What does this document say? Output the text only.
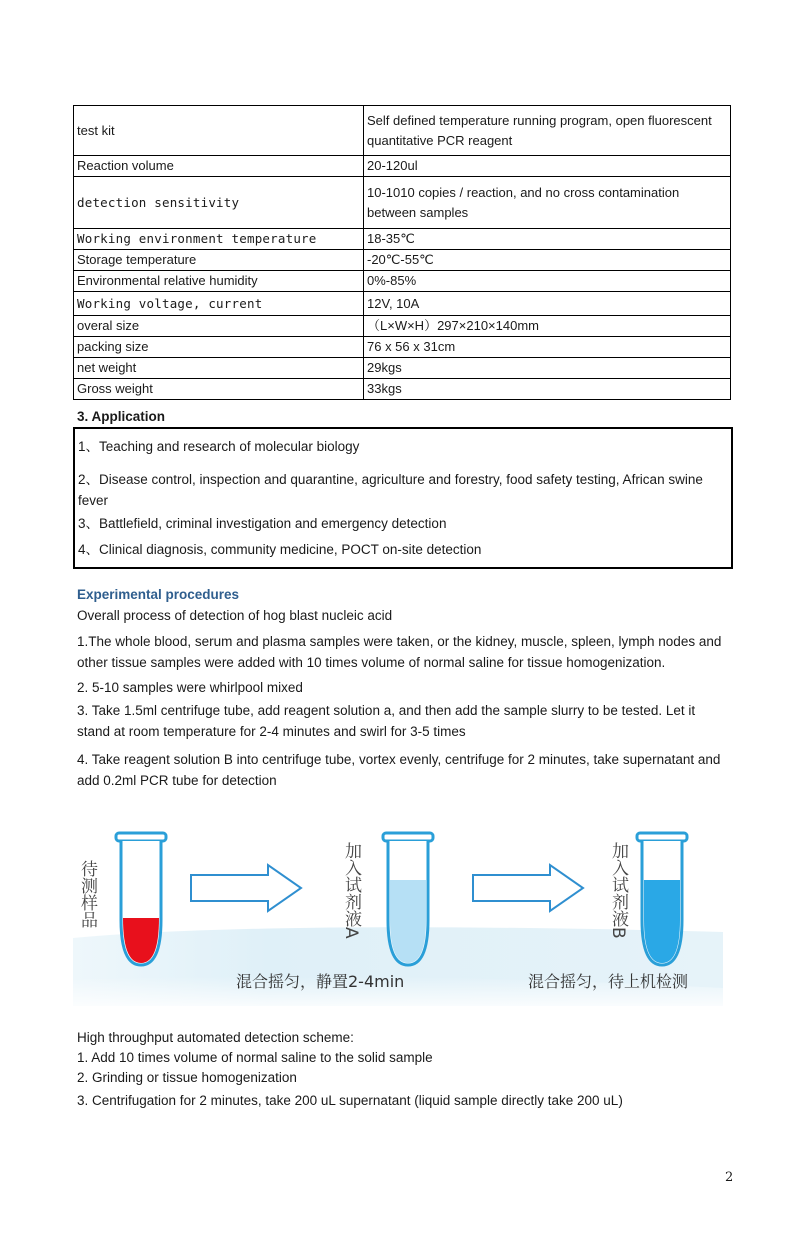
test kit	Self defined temperature running program, open fluorescent quantitative PCR reagent
Reaction volume	20-120ul
detection sensitivity	10-1010 copies / reaction, and no cross contamination between samples
Working environment temperature	18-35℃
Storage temperature	-20℃-55℃
Environmental relative humidity	0%-85%
Working voltage, current	12V, 10A
overal size	（L×W×H）297×210×140mm
packing size	76 x 56 x 31cm
net weight	29kgs
Gross weight	33kgs
3. Application
1、Teaching and research of molecular biology
2、Disease control, inspection and quarantine, agriculture and forestry, food safety testing, African swine fever
3、Battlefield, criminal investigation and emergency detection
4、Clinical diagnosis, community medicine, POCT on-site detection
Experimental procedures
Overall process of detection of hog blast nucleic acid
1.The whole blood, serum and plasma samples were taken, or the kidney, muscle, spleen, lymph nodes and other tissue samples were added with 10 times volume of normal saline for tissue homogenization.
2. 5-10 samples were whirlpool mixed
3. Take 1.5ml centrifuge tube, add reagent solution a, and then add the sample slurry to be tested. Let it stand at room temperature for 2-4 minutes and swirl for 3-5 times
4. Take reagent solution B into centrifuge tube, vortex evenly, centrifuge for 2 minutes, take supernatant and add 0.2ml PCR tube for detection
待测样品	加入试剂液A	加入试剂液B
混合摇匀，静置2-4min	混合摇匀，待上机检测
High throughput automated detection scheme:
1. Add 10 times volume of normal saline to the solid sample
2. Grinding or tissue homogenization
3. Centrifugation for 2 minutes, take 200 uL supernatant (liquid sample directly take 200 uL)
2
